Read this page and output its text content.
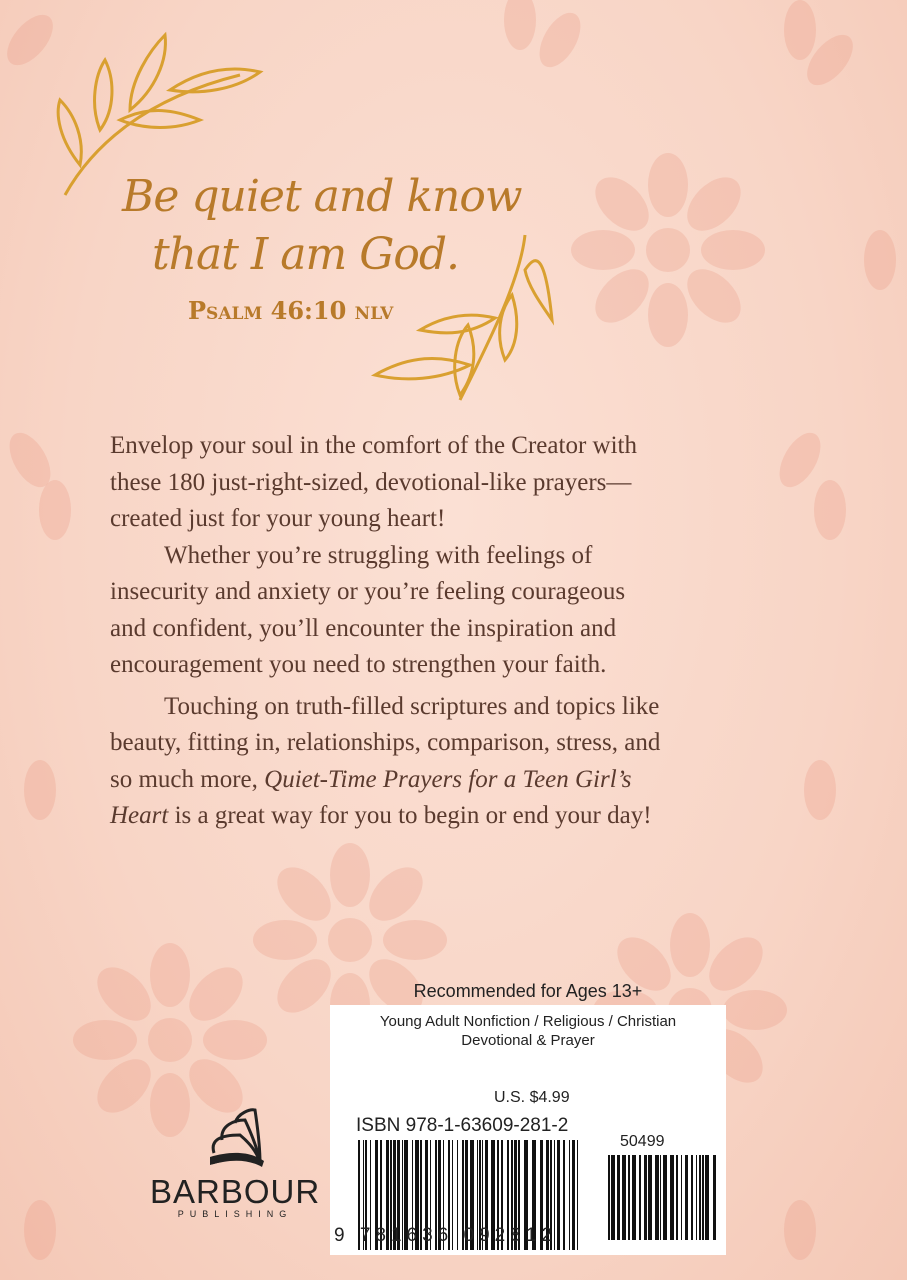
Be quiet and know
that I am God.
Psalm 46:10 nlv
Envelop your soul in the comfort of the Creator with
these 180 just-right-sized, devotional-like prayers—
created just for your young heart!
Whether you’re struggling with feelings of
insecurity and anxiety or you’re feeling courageous
and confident, you’ll encounter the inspiration and
encouragement you need to strengthen your faith.
Touching on truth-filled scriptures and topics like
beauty, fitting in, relationships, comparison, stress, and
so much more, Quiet-Time Prayers for a Teen Girl’s
Heart is a great way for you to begin or end your day!
Recommended for Ages 13+
Young Adult Nonfiction / Religious / Christian
Devotional & Prayer
U.S. $4.99
ISBN 978-1-63609-281-2
50499
9 781636 092812
BARBOUR
PUBLISHING
